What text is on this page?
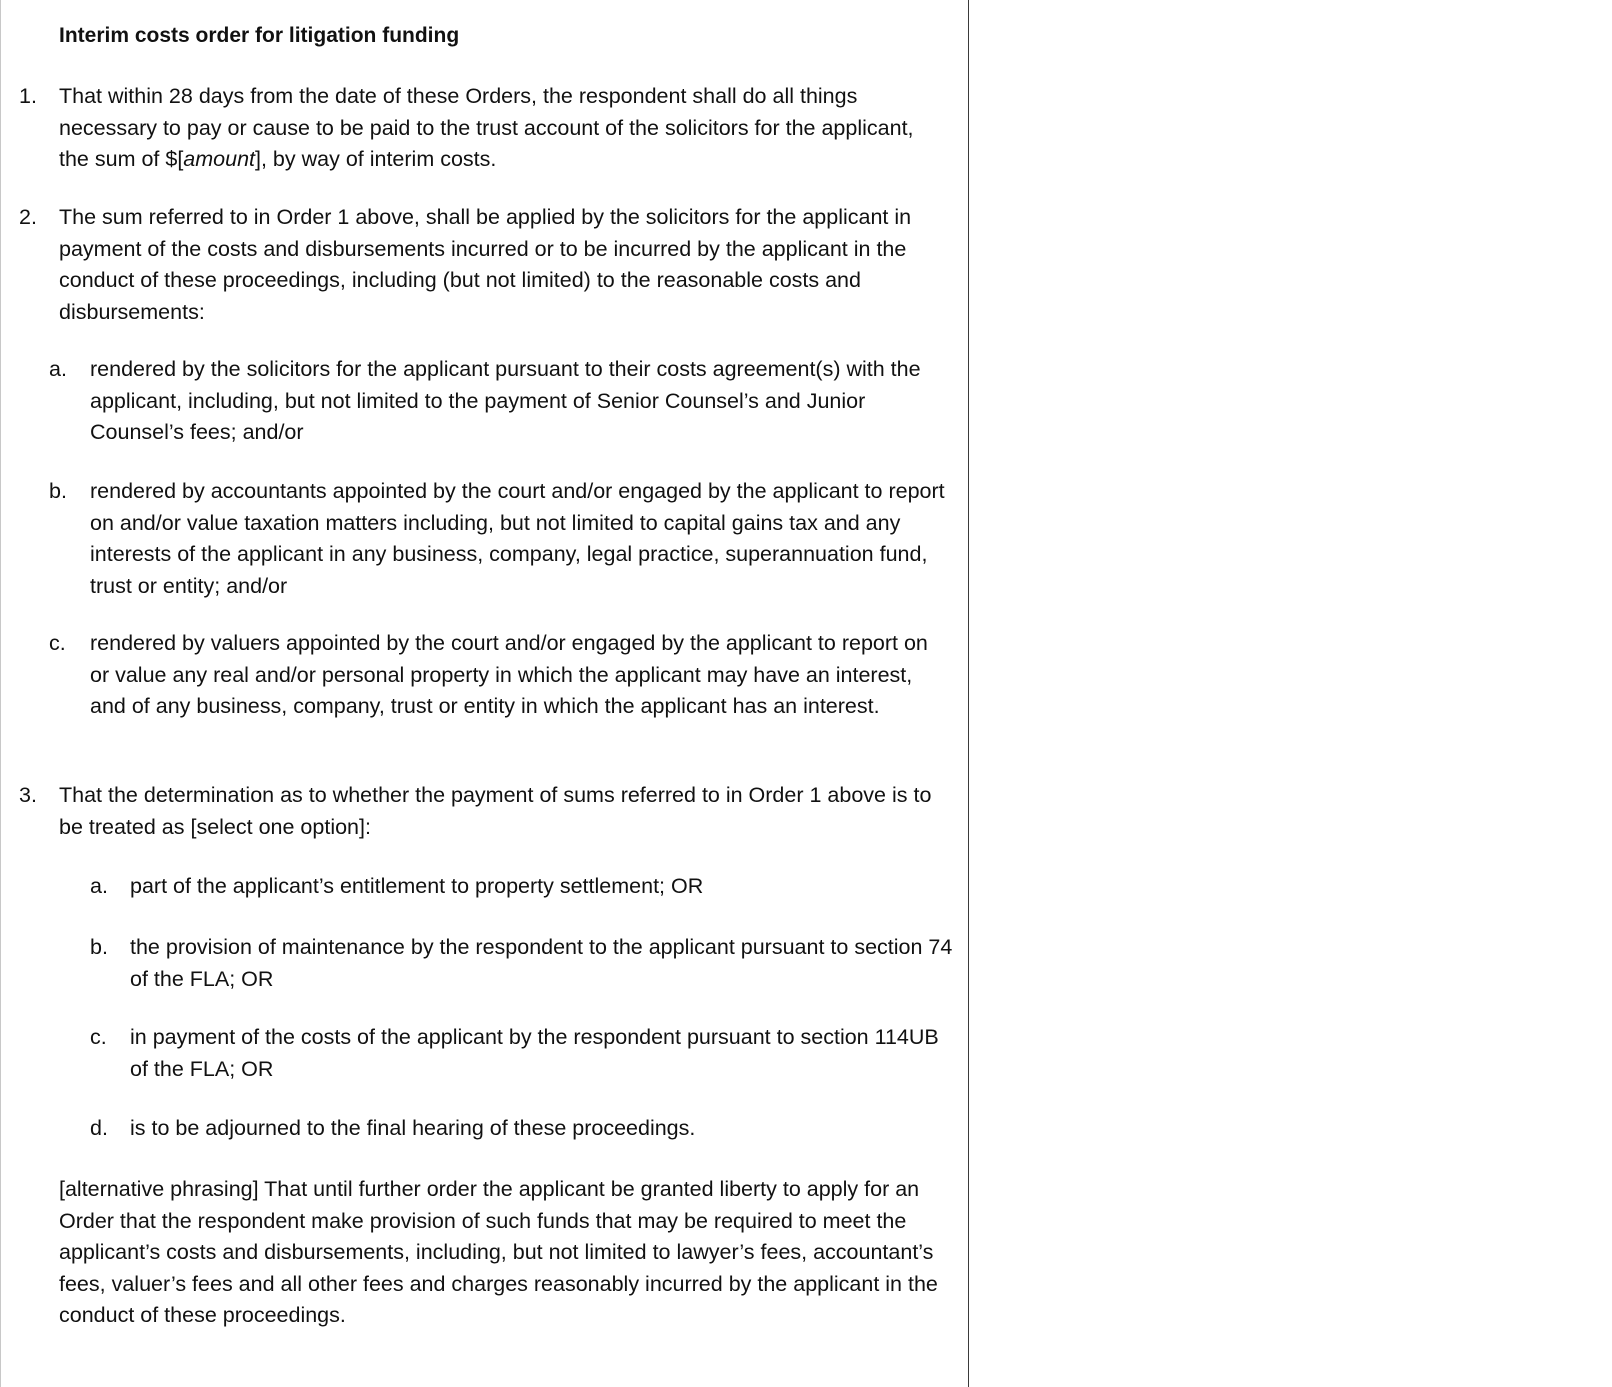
Interim costs order for litigation funding
1. That within 28 days from the date of these Orders, the respondent shall do all things necessary to pay or cause to be paid to the trust account of the solicitors for the applicant, the sum of $[amount], by way of interim costs.
2. The sum referred to in Order 1 above, shall be applied by the solicitors for the applicant in payment of the costs and disbursements incurred or to be incurred by the applicant in the conduct of these proceedings, including (but not limited) to the reasonable costs and disbursements:
a. rendered by the solicitors for the applicant pursuant to their costs agreement(s) with the applicant, including, but not limited to the payment of Senior Counsel’s and Junior Counsel’s fees; and/or
b. rendered by accountants appointed by the court and/or engaged by the applicant to report on and/or value taxation matters including, but not limited to capital gains tax and any interests of the applicant in any business, company, legal practice, superannuation fund, trust or entity; and/or
c. rendered by valuers appointed by the court and/or engaged by the applicant to report on or value any real and/or personal property in which the applicant may have an interest, and of any business, company, trust or entity in which the applicant has an interest.
3. That the determination as to whether the payment of sums referred to in Order 1 above is to be treated as [select one option]:
a. part of the applicant’s entitlement to property settlement; OR
b. the provision of maintenance by the respondent to the applicant pursuant to section 74 of the FLA; OR
c. in payment of the costs of the applicant by the respondent pursuant to section 114UB of the FLA; OR
d. is to be adjourned to the final hearing of these proceedings.
[alternative phrasing] That until further order the applicant be granted liberty to apply for an Order that the respondent make provision of such funds that may be required to meet the applicant’s costs and disbursements, including, but not limited to lawyer’s fees, accountant’s fees, valuer’s fees and all other fees and charges reasonably incurred by the applicant in the conduct of these proceedings.
